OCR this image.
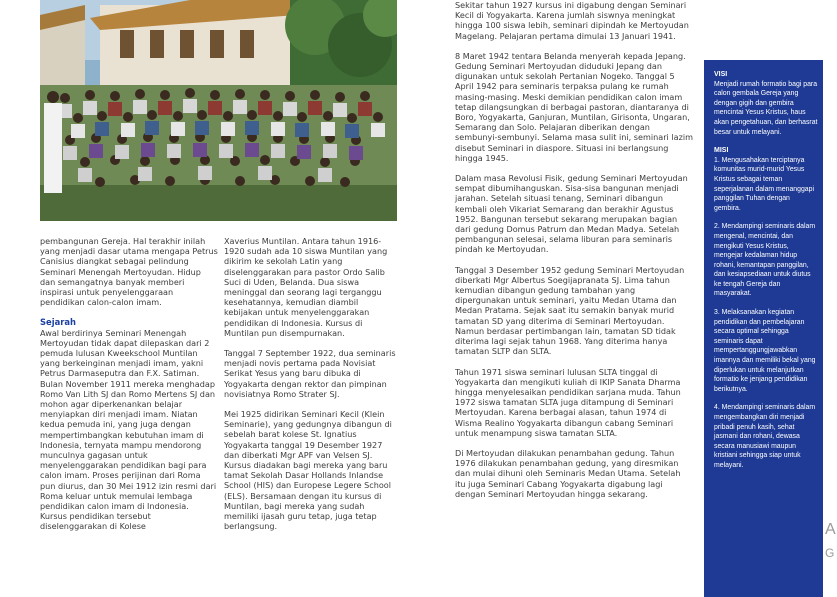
pembangunan Gereja. Hal terakhir inilah yang menjadi dasar utama mengapa Petrus Canisius diangkat sebagai pelindung Seminari Menengah Mertoyudan. Hidup dan semangatnya banyak memberi inspirasi untuk penyelenggaraan pendidikan calon-calon imam.

Sejarah

Awal berdirinya Seminari Menengah Mertoyudan tidak dapat dilepaskan dari 2 pemuda lulusan Kweekschool Muntilan yang berkeinginan menjadi imam, yakni Petrus Darmaseputra dan F.X. Satiman. Bulan November 1911 mereka menghadap Romo Van Lith SJ dan Romo Mertens SJ dan mohon agar diperkenankan belajar menyiapkan diri menjadi imam. Niatan kedua pemuda ini, yang juga dengan mempertimbangkan kebutuhan imam di Indonesia, ternyata mampu mendorong munculnya gagasan untuk menyelenggarakan pendidikan bagi para calon imam. Proses perijinan dari Roma pun diurus, dan 30 Mei 1912 izin resmi dari Roma keluar untuk memulai lembaga pendidikan calon imam di Indonesia. Kursus pendidikan tersebut diselenggarakan di Kolese

Xaverius Muntilan. Antara tahun 1916-1920 sudah ada 10 siswa Muntilan yang dikirim ke sekolah Latin yang diselenggarakan para pastor Ordo Salib Suci di Uden, Belanda. Dua siswa meninggal dan seorang lagi terganggu kesehatannya, kemudian diambil kebijakan untuk menyelenggarakan pendidikan di Indonesia. Kursus di Muntilan pun disempurnakan.

Tanggal 7 September 1922, dua seminaris menjadi novis pertama pada Novisiat Serikat Yesus yang baru dibuka di Yogyakarta dengan rektor dan pimpinan novisiatnya Romo Strater SJ.

Mei 1925 didirikan Seminari Kecil (Klein Seminarie), yang gedungnya dibangun di sebelah barat kolese St. Ignatius Yogyakarta tanggal 19 Desember 1927 dan diberkati Mgr APF van Velsen SJ. Kursus diadakan bagi mereka yang baru tamat Sekolah Dasar Hollands Inlandse School (HIS) dan Europese Legere School (ELS). Bersamaan dengan itu kursus di Muntilan, bagi mereka yang sudah memiliki ijasah guru tetap, juga tetap berlangsung.

Sekitar tahun 1927 kursus ini digabung dengan Seminari Kecil di Yogyakarta. Karena jumlah siswnya meningkat hingga 100 siswa lebih, seminari dipindah ke Mertoyudan Magelang. Pelajaran pertama dimulai 13 Januari 1941.

8 Maret 1942 tentara Belanda menyerah kepada Jepang. Gedung Seminari Mertoyudan diduduki Jepang dan digunakan untuk sekolah Pertanian Nogeko. Tanggal 5 April 1942 para seminaris terpaksa pulang ke rumah masing-masing. Meski demikian pendidikan calon imam tetap dilangsungkan di berbagai pastoran, diantaranya di Boro, Yogyakarta, Ganjuran, Muntilan, Girisonta, Ungaran, Semarang dan Solo. Pelajaran diberikan dengan sembunyi-sembunyi. Selama masa sulit ini, seminari lazim disebut Seminari in diaspore. Situasi ini berlangsung hingga 1945.

Dalam masa Revolusi Fisik, gedung Seminari Mertoyudan sempat dibumihanguskan. Sisa-sisa bangunan menjadi jarahan. Setelah situasi tenang, Seminari dibangun kembali oleh Vikariat Semarang dan berakhir Agustus 1952. Bangunan tersebut sekarang merupakan bagian dari gedung Domus Patrum dan Medan Madya. Setelah pembangunan selesai, selama liburan para seminaris pindah ke Mertoyudan.

Tanggal 3 Desember 1952 gedung Seminari Mertoyudan diberkati Mgr Albertus Soegijapranata SJ. Lima tahun kemudian dibangun gedung tambahan yang dipergunakan untuk seminari, yaitu Medan Utama dan Medan Pratama. Sejak saat itu semakin banyak murid tamatan SD yang diterima di Seminari Mertoyudan. Namun berdasar pertimbangan lain, tamatan SD tidak diterima lagi sejak tahun 1968. Yang diterima hanya tamatan SLTP dan SLTA.

Tahun 1971 siswa seminari lulusan SLTA tinggal di Yogyakarta dan mengikuti kuliah di IKIP Sanata Dharma hingga menyelesaikan pendidikan sarjana muda. Tahun 1972 siswa tamatan SLTA juga ditampung di Seminari Mertoyudan. Karena berbagai alasan, tahun 1974 di Wisma Realino Yogyakarta dibangun cabang Seminari untuk menampung siswa tamatan SLTA.

Di Mertoyudan dilakukan penambahan gedung. Tahun 1976 dilakukan penambahan gedung, yang diresmikan dan mulai dihuni oleh Seminaris Medan Utama. Setelah itu juga Seminari Cabang Yogyakarta digabung lagi dengan Seminari Mertoyudan hingga sekarang.

VISI

Menjadi rumah formatio bagi para calon gembala Gereja yang dengan gigih dan gembira mencintai Yesus Kristus, haus akan pengetahuan, dan berhasrat besar untuk melayani.

MISI
1. Mengusahakan terciptanya komunitas murid-murid Yesus Kristus sebagai teman seperjalanan dalam menanggapi panggilan Tuhan dengan gembira.
2. Mendampingi seminaris dalam mengenal, mencintai, dan mengikuti Yesus Kristus, mengejar kedalaman hidup rohani, kemantapan panggilan, dan kesiapsediaan untuk diutus ke tengah Gereja dan masyarakat.
3. Melaksanakan kegiatan pendidikan dan pembelajaran secara optimal sehingga seminaris dapat mempertanggungjawabkan imannya dan memiliki bekal yang diperlukan untuk melanjutkan formatio ke jenjang pendidikan berikutnya.
4. Mendampingi seminaris dalam mengembangkan diri menjadi pribadi penuh kasih, sehat jasmani dan rohani, dewasa secara manusiawi maupun kristiani sehingga siap untuk melayani.
A
G
